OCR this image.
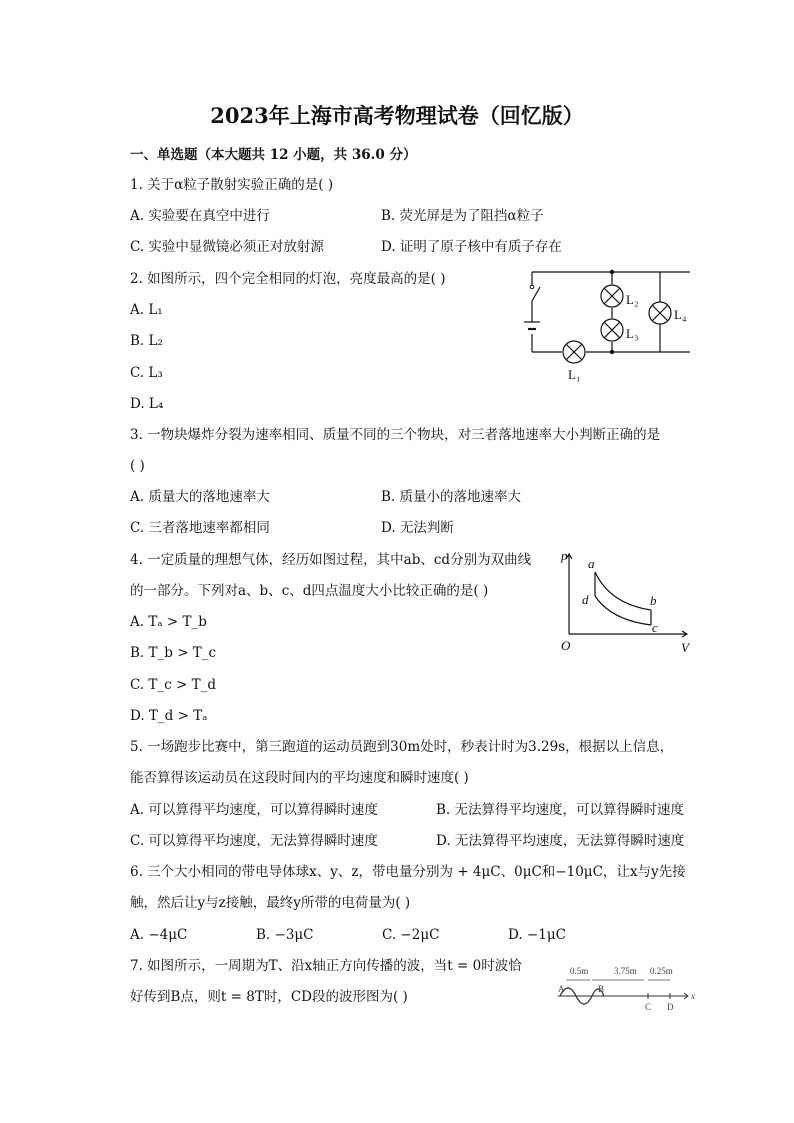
2023年上海市高考物理试卷（回忆版）
一、单选题（本大题共 12 小题，共 36.0 分）
1. 关于α粒子散射实验正确的是( )
A. 实验要在真空中进行	B. 荧光屏是为了阻挡α粒子
C. 实验中显微镜必须正对放射源	D. 证明了原子核中有质子存在
2. 如图所示，四个完全相同的灯泡，亮度最高的是( )
A. L₁
B. L₂
C. L₃
D. L₄
L₁
L₂
L₃
L₄
3. 一物块爆炸分裂为速率相同、质量不同的三个物块，对三者落地速率大小判断正确的是
( )
A. 质量大的落地速率大	B. 质量小的落地速率大
C. 三者落地速率都相同	D. 无法判断
4. 一定质量的理想气体，经历如图过程，其中ab、cd分别为双曲线
的一部分。下列对a、b、c、d四点温度大小比较正确的是( )
A. Tₐ > T_b
B. T_b > T_c
C. T_c > T_d
D. T_d > Tₐ
p
V
O
a
b
c
d
5. 一场跑步比赛中，第三跑道的运动员跑到30m处时，秒表计时为3.29s，根据以上信息，
能否算得该运动员在这段时间内的平均速度和瞬时速度( )
A. 可以算得平均速度，可以算得瞬时速度	B. 无法算得平均速度，可以算得瞬时速度
C. 可以算得平均速度，无法算得瞬时速度	D. 无法算得平均速度，无法算得瞬时速度
6. 三个大小相同的带电导体球x、y、z，带电量分别为 + 4μC、0μC和−10μC，让x与y先接
触，然后让y与z接触，最终y所带的电荷量为( )
A. −4μC	B. −3μC	C. −2μC	D. −1μC
7. 如图所示，一周期为T、沿x轴正方向传播的波，当t = 0时波恰
好传到B点，则t = 8T时，CD段的波形图为( )
0.5m	3.75m 0.25m
A	B
C D
x
